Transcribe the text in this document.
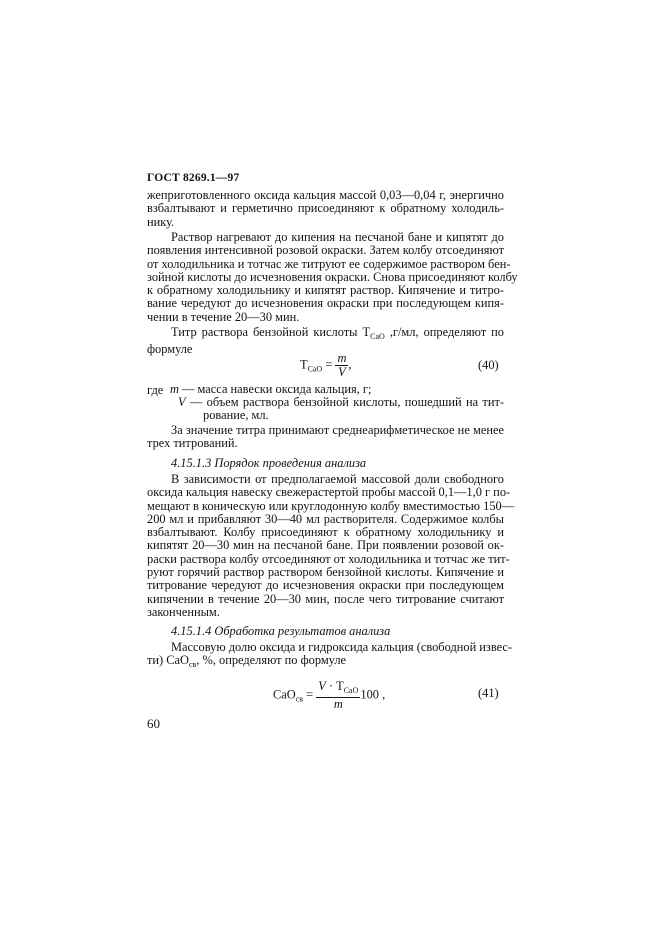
ГОСТ 8269.1—97
жеприготовленного оксида кальция массой 0,03—0,04 г, энергично
взбалтывают и герметично присоединяют к обратному холодиль-
нику.
Раствор нагревают до кипения на песчаной бане и кипятят до
появления интенсивной розовой окраски. Затем колбу отсоединяют
от холодильника и тотчас же титруют ее содержимое раствором бен-
зойной кислоты до исчезновения окраски. Снова присоединяют колбу
к обратному холодильнику и кипятят раствор. Кипячение и титро-
вание чередуют до исчезновения окраски при последующем кипя-
чении в течение 20—30 мин.
Титр раствора бензойной кислоты $Т_{CaO}$ ,г/мл, определяют по
формуле
$Т_{CaO} = \frac{m}{V}$ ,	(40)
где m — масса навески оксида кальция, г;
V — объем раствора бензойной кислоты, пошедший на тит-
рование, мл.
За значение титра принимают среднеарифметическое не менее
трех титрований.
4.15.1.3 Порядок проведения анализа
В зависимости от предполагаемой массовой доли свободного
оксида кальция навеску свежерастертой пробы массой 0,1—1,0 г по-
мещают в коническую или круглодонную колбу вместимостью 150—
200 мл и прибавляют 30—40 мл растворителя. Содержимое колбы
взбалтывают. Колбу присоединяют к обратному холодильнику и
кипятят 20—30 мин на песчаной бане. При появлении розовой ок-
раски раствора колбу отсоединяют от холодильника и тотчас же тит-
руют горячий раствор раствором бензойной кислоты. Кипячение и
титрование чередуют до исчезновения окраски при последующем
кипячении в течение 20—30 мин, после чего титрование считают
законченным.
4.15.1.4 Обработка результатов анализа
Массовую долю оксида и гидроксида кальция (свободной извес-
ти) CaO$_{св}$, %, определяют по формуле
$CaO_{св} = \frac{V \cdot Т_{CaO}}{m} 100$ ,	(41)
60
